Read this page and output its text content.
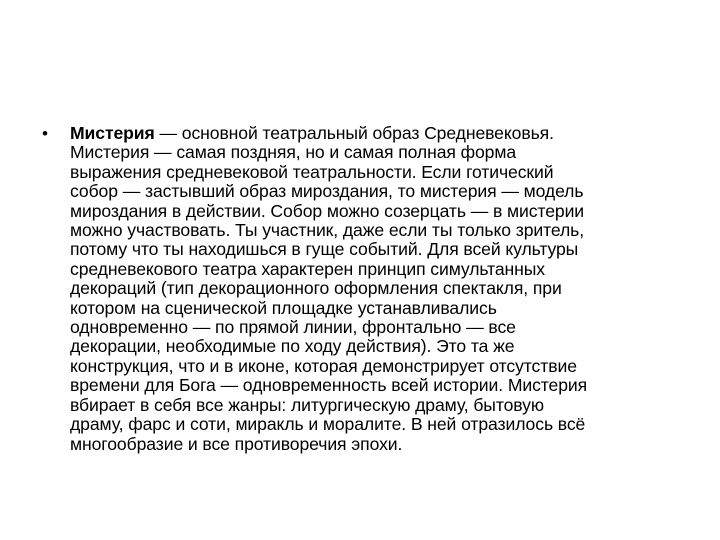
•	Мистерия — основной театральный образ Средневековья.
Мистерия — самая поздняя, но и самая полная форма
выражения средневековой театральности. Если готический
собор — застывший образ мироздания, то мистерия — модель
мироздания в действии. Собор можно созерцать — в мистерии
можно участвовать. Ты участник, даже если ты только зритель,
потому что ты находишься в гуще событий. Для всей культуры
средневекового театра характерен принцип симультанных
декораций (тип декорационного оформления спектакля, при
котором на сценической площадке устанавливались
одновременно — по прямой линии, фронтально — все
декорации, необходимые по ходу действия). Это та же
конструкция, что и в иконе, которая демонстрирует отсутствие
времени для Бога — одновременность всей истории. Мистерия
вбирает в себя все жанры: литургическую драму, бытовую
драму, фарс и соти, миракль и моралите. В ней отразилось всё
многообразие и все противоречия эпохи.
